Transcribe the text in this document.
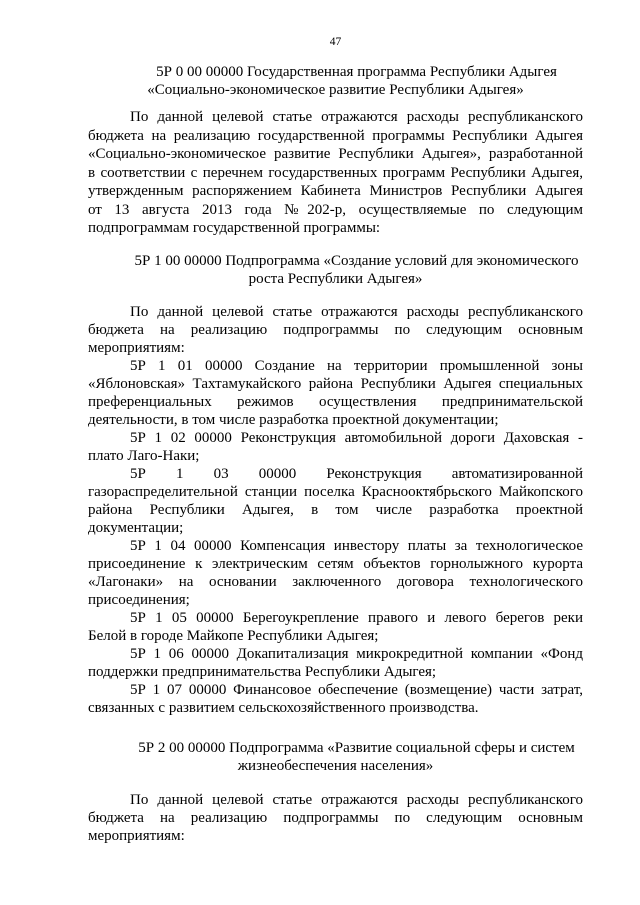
47
5Р 0 00 00000 Государственная программа Республики Адыгея
«Социально-экономическое развитие Республики Адыгея»
По данной целевой статье отражаются расходы республиканского
бюджета на реализацию государственной программы Республики Адыгея
«Социально-экономическое развитие Республики Адыгея», разработанной
в соответствии с перечнем государственных программ Республики Адыгея,
утвержденным распоряжением Кабинета Министров Республики Адыгея
от 13 августа 2013 года №202-р, осуществляемые по следующим
подпрограммам государственной программы:
5Р 1 00 00000 Подпрограмма «Создание условий для экономического
роста Республики Адыгея»
По данной целевой статье отражаются расходы республиканского
бюджета на реализацию подпрограммы по следующим основным
мероприятиям:
5Р 1 01 00000 Создание на территории промышленной зоны
«Яблоновская» Тахтамукайского района Республики Адыгея специальных
преференциальных режимов осуществления предпринимательской
деятельности, в том числе разработка проектной документации;
5Р 1 02 00000 Реконструкция автомобильной дороги Даховская -
плато Лаго-Наки;
5Р 1 03 00000 Реконструкция автоматизированной
газораспределительной станции поселка Краснооктябрьского Майкопского
района Республики Адыгея, в том числе разработка проектной
документации;
5Р 1 04 00000 Компенсация инвестору платы за технологическое
присоединение к электрическим сетям объектов горнолыжного курорта
«Лагонаки» на основании заключенного договора технологического
присоединения;
5Р 1 05 00000 Берегоукрепление правого и левого берегов реки
Белой в городе Майкопе Республики Адыгея;
5Р 1 06 00000 Докапитализация микрокредитной компании «Фонд
поддержки предпринимательства Республики Адыгея;
5Р 1 07 00000 Финансовое обеспечение (возмещение) части затрат,
связанных с развитием сельскохозяйственного производства.
5Р 2 00 00000 Подпрограмма «Развитие социальной сферы и систем
жизнеобеспечения населения»
По данной целевой статье отражаются расходы республиканского
бюджета на реализацию подпрограммы по следующим основным
мероприятиям:
